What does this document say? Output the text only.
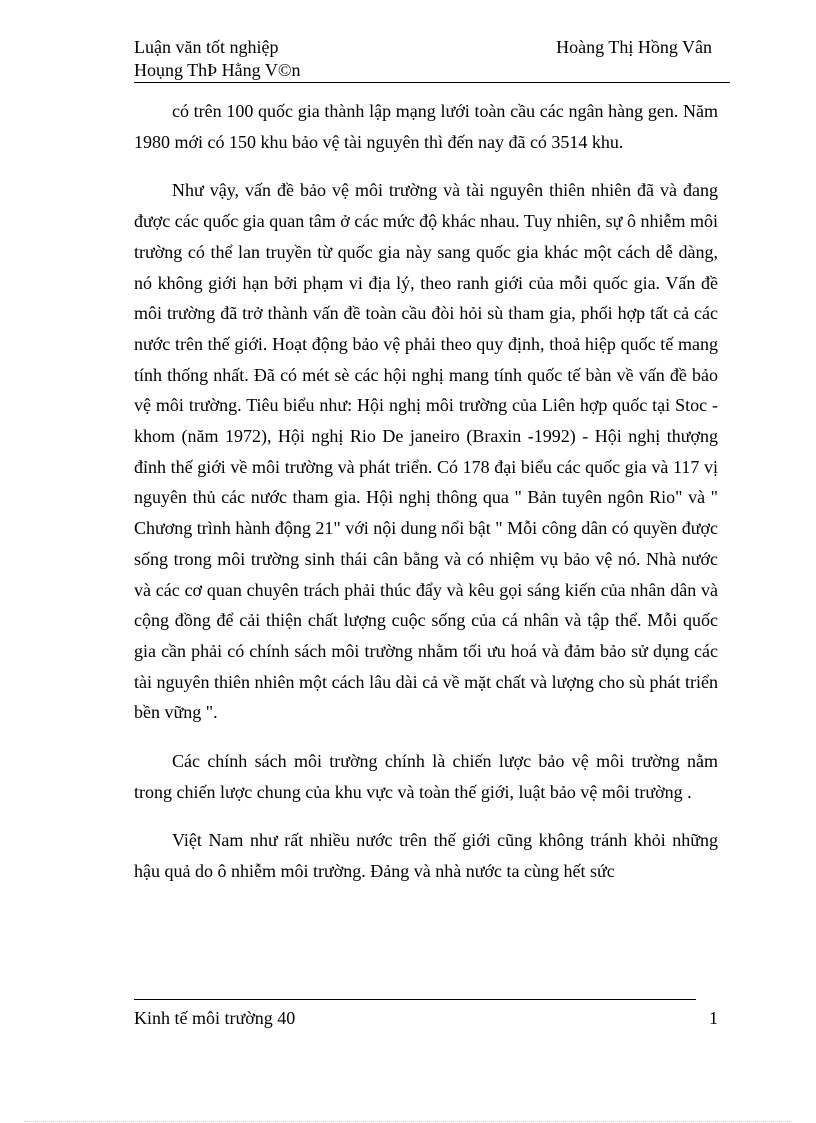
Luận văn tốt nghiệp	Hoàng Thị Hồng Vân
Hoụng ThÞ Hằng V©n

có trên 100 quốc gia thành lập mạng lưới toàn cầu các ngân hàng gen. Năm 1980 mới có 150 khu bảo vệ tài nguyên thì đến nay đã có 3514 khu.

Như vậy, vấn đề bảo vệ môi trường và tài nguyên thiên nhiên đã và đang được các quốc gia quan tâm ở các mức độ khác nhau. Tuy nhiên, sự ô nhiễm môi trường có thể lan truyền từ quốc gia này sang quốc gia khác một cách dễ dàng, nó không giới hạn bởi phạm vi địa lý, theo ranh giới của mỗi quốc gia. Vấn đề môi trường đã trở thành vấn đề toàn cầu đòi hỏi sù tham gia, phối hợp tất cả các nước trên thế giới. Hoạt động bảo vệ phải theo quy định, thoả hiệp quốc tế mang tính thống nhất. Đã có mét sè các hội nghị mang tính quốc tế bàn về vấn đề bảo vệ môi trường. Tiêu biểu như: Hội nghị môi trường của Liên hợp quốc tại Stoc - khom (năm 1972), Hội nghị Rio De janeiro (Braxin -1992) - Hội nghị thượng đỉnh thế giới về môi trường và phát triển. Có 178 đại biểu các quốc gia và 117 vị nguyên thủ các nước tham gia. Hội nghị thông qua " Bản tuyên ngôn Rio" và " Chương trình hành động 21" với nội dung nổi bật " Mỗi công dân có quyền được sống trong môi trường sinh thái cân bằng và có nhiệm vụ bảo vệ nó. Nhà nước và các cơ quan chuyên trách phải thúc đẩy và kêu gọi sáng kiến của nhân dân và cộng đồng để cải thiện chất lượng cuộc sống của cá nhân và tập thể. Mỗi quốc gia cần phải có chính sách môi trường nhằm tối ưu hoá và đảm bảo sử dụng các tài nguyên thiên nhiên một cách lâu dài cả về mặt chất và lượng cho sù phát triển bền vững ".

Các chính sách môi trường chính là chiến lược bảo vệ môi trường nằm trong chiến lược chung của khu vực và toàn thế giới, luật bảo vệ môi trường .

Việt Nam như rất nhiều nước trên thế giới cũng không tránh khỏi những hậu quả do ô nhiễm môi trường. Đảng và nhà nước ta cùng hết sức

Kinh tế môi trường 40	1
